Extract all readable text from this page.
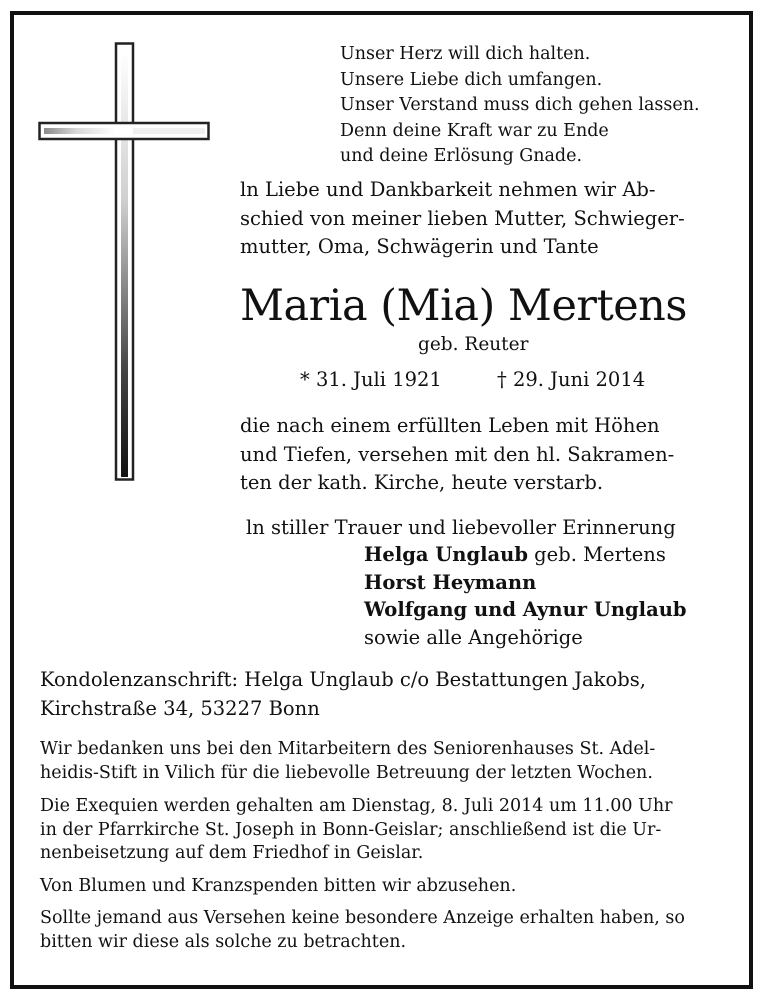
Unser Herz will dich halten.
Unsere Liebe dich umfangen.
Unser Verstand muss dich gehen lassen.
Denn deine Kraft war zu Ende
und deine Erlösung Gnade.
ln Liebe und Dankbarkeit nehmen wir Ab-
schied von meiner lieben Mutter, Schwieger-
mutter, Oma, Schwägerin und Tante
Maria (Mia) Mertens
geb. Reuter
* 31. Juli 1921	† 29. Juni 2014
die nach einem erfüllten Leben mit Höhen
und Tiefen, versehen mit den hl. Sakramen-
ten der kath. Kirche, heute verstarb.
ln stiller Trauer und liebevoller Erinnerung
Helga Unglaub geb. Mertens
Horst Heymann
Wolfgang und Aynur Unglaub
sowie alle Angehörige
Kondolenzanschrift: Helga Unglaub c/o Bestattungen Jakobs,
Kirchstraße 34, 53227 Bonn
Wir bedanken uns bei den Mitarbeitern des Seniorenhauses St. Adel-
heidis-Stift in Vilich für die liebevolle Betreuung der letzten Wochen.
Die Exequien werden gehalten am Dienstag, 8. Juli 2014 um 11.00 Uhr
in der Pfarrkirche St. Joseph in Bonn-Geislar; anschließend ist die Ur-
nenbeisetzung auf dem Friedhof in Geislar.
Von Blumen und Kranzspenden bitten wir abzusehen.
Sollte jemand aus Versehen keine besondere Anzeige erhalten haben, so
bitten wir diese als solche zu betrachten.
